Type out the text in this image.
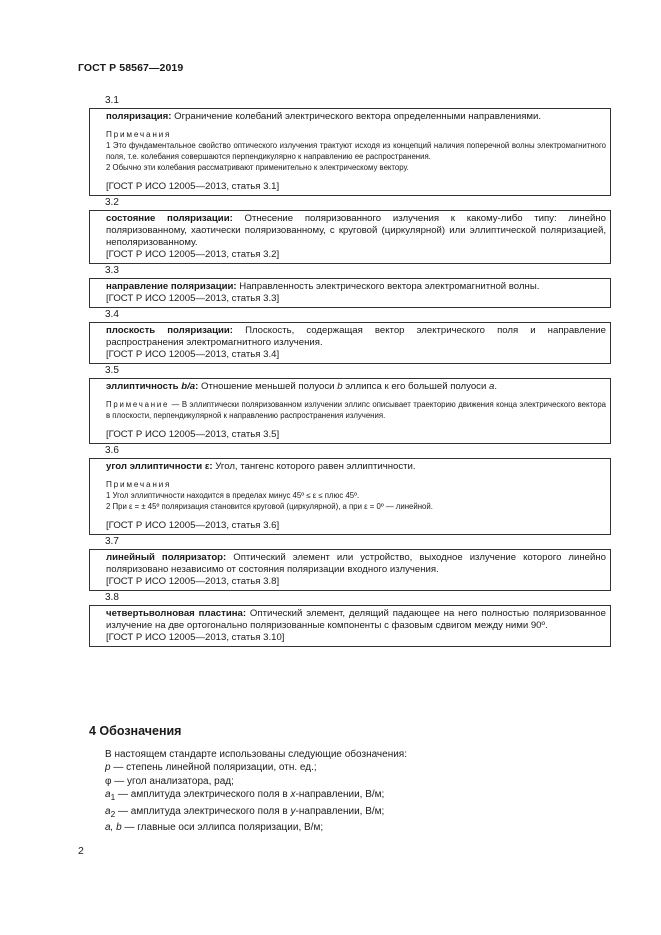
ГОСТ Р 58567—2019
3.1
поляризация: Ограничение колебаний электрического вектора определенными направлениями.
Примечания
1 Это фундаментальное свойство оптического излучения трактуют исходя из концепций наличия поперечной волны электромагнитного поля, т.е. колебания совершаются перпендикулярно к направлению ее распространения.
2 Обычно эти колебания рассматривают применительно к электрическому вектору.
[ГОСТ Р ИСО 12005—2013, статья 3.1]
3.2
состояние поляризации: Отнесение поляризованного излучения к какому-либо типу: линейно поляризованному, хаотически поляризованному, с круговой (циркулярной) или эллиптической поляризацией, неполяризованному.
[ГОСТ Р ИСО 12005—2013, статья 3.2]
3.3
направление поляризации: Направленность электрического вектора электромагнитной волны.
[ГОСТ Р ИСО 12005—2013, статья 3.3]
3.4
плоскость поляризации: Плоскость, содержащая вектор электрического поля и направление распространения электромагнитного излучения.
[ГОСТ Р ИСО 12005—2013, статья 3.4]
3.5
эллиптичность b/a: Отношение меньшей полуоси b эллипса к его большей полуоси a.
Примечание — В эллиптически поляризованном излучении эллипс описывает траекторию движения конца электрического вектора в плоскости, перпендикулярной к направлению распространения излучения.
[ГОСТ Р ИСО 12005—2013, статья 3.5]
3.6
угол эллиптичности ε: Угол, тангенс которого равен эллиптичности.
Примечания
1 Угол эллиптичности находится в пределах минус 45º ≤ ε ≤ плюс 45º.
2 При ε = ± 45º поляризация становится круговой (циркулярной), а при ε = 0º — линейной.
[ГОСТ Р ИСО 12005—2013, статья 3.6]
3.7
линейный поляризатор: Оптический элемент или устройство, выходное излучение которого линейно поляризовано независимо от состояния поляризации входного излучения.
[ГОСТ Р ИСО 12005—2013, статья 3.8]
3.8
четвертьволновая пластина: Оптический элемент, делящий падающее на него полностью поляризованное излучение на две ортогонально поляризованные компоненты с фазовым сдвигом между ними 90º.
[ГОСТ Р ИСО 12005—2013, статья 3.10]
4 Обозначения
В настоящем стандарте использованы следующие обозначения:
p — степень линейной поляризации, отн. ед.;
φ — угол анализатора, рад;
$a_1$ — амплитуда электрического поля в x-направлении, В/м;
$a_2$ — амплитуда электрического поля в y-направлении, В/м;
a, b — главные оси эллипса поляризации, В/м;
2
